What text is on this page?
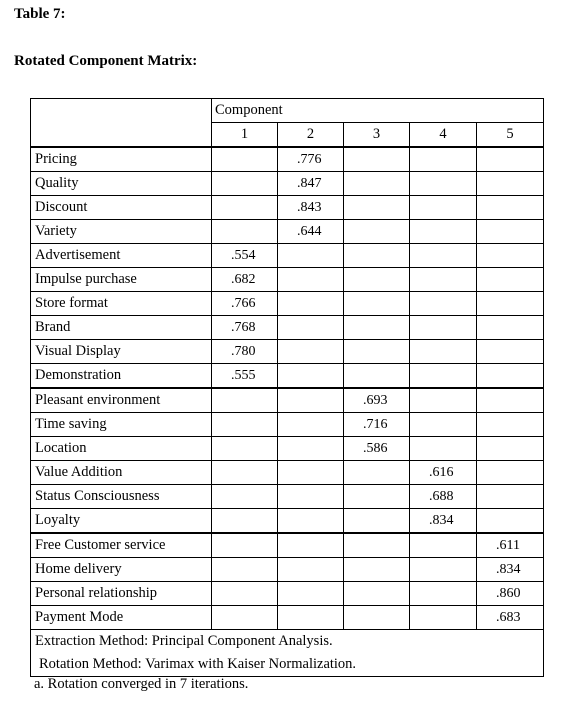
Table 7:
Rotated Component Matrix:
	Component				
	1	2	3	4	5
Pricing		.776			
Quality		.847			
Discount		.843			
Variety		.644			
Advertisement	.554				
Impulse purchase	.682				
Store format	.766				
Brand	.768				
Visual Display	.780				
Demonstration	.555				
Pleasant environment			.693		
Time saving			.716		
Location			.586		
Value Addition				.616	
Status Consciousness				.688	
Loyalty				.834	
Free Customer service					.611
Home delivery					.834
Personal relationship					.860
Payment Mode					.683
Extraction Method: Principal Component Analysis.					
Rotation Method: Varimax with Kaiser Normalization.					
a. Rotation converged in 7 iterations.
